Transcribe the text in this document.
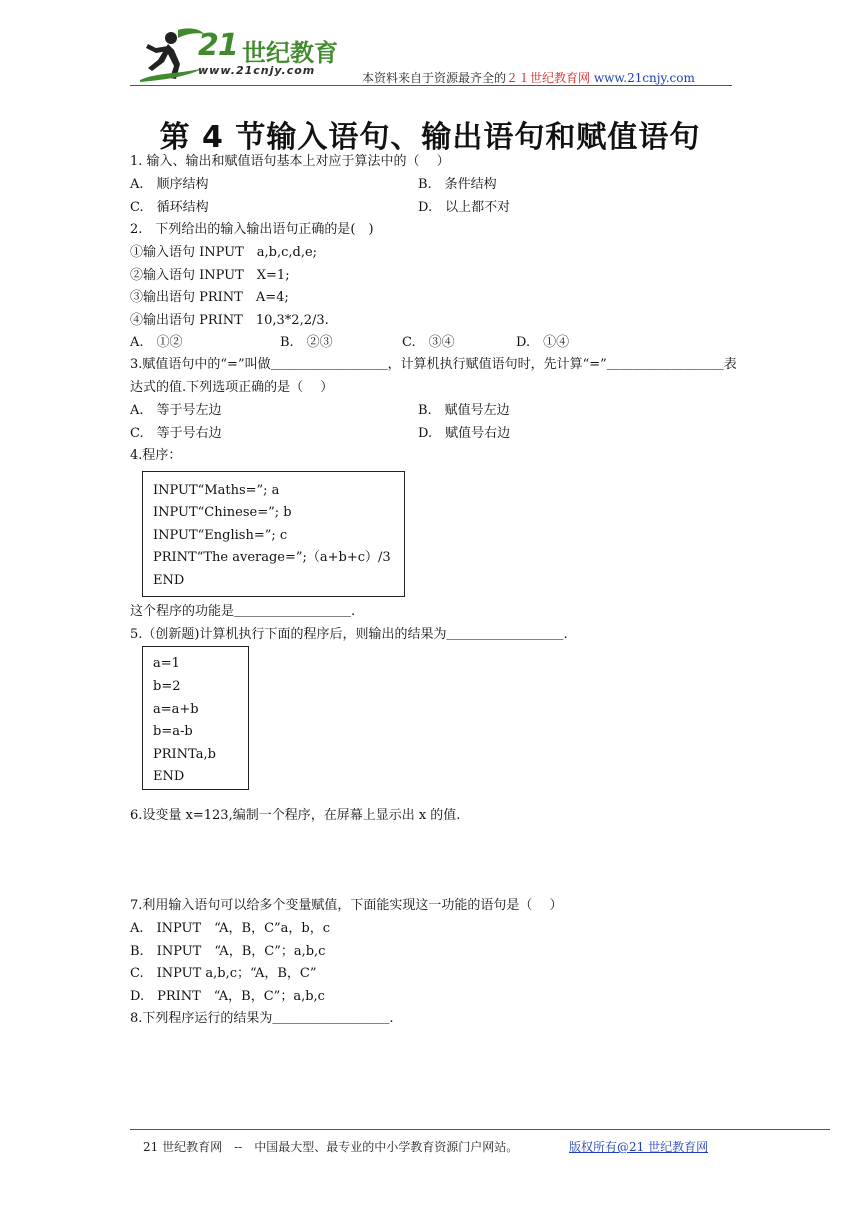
21 世纪教育
www.21cnjy.com
本资料来自于资源最齐全的２１世纪教育网 www.21cnjy.com
第 4 节输入语句、输出语句和赋值语句
1. 输入、输出和赋值语句基本上对应于算法中的（　 ）
A.　顺序结构	B.　条件结构
C.　循环结构	D.　以上都不对
2.　下列给出的输入输出语句正确的是(　)
①输入语句 INPUT　a,b,c,d,e;
②输入语句 INPUT　X=1;
③输出语句 PRINT　A=4;
④输出语句 PRINT　10,3*2,2/3.
A.　①②	B.　②③	C.　③④	D.　①④
3.赋值语句中的“=”叫做＿＿＿＿＿＿＿＿＿，计算机执行赋值语句时，先计算“=”＿＿＿＿＿＿＿＿＿表
达式的值.下列选项正确的是（　 ）
A.　等于号左边	B.　赋值号左边
C.　等于号右边	D.　赋值号右边
4.程序：
INPUT“Maths=”; a
INPUT“Chinese=”; b
INPUT“English=”; c
PRINT“The average=”;（a+b+c）/3
END
这个程序的功能是＿＿＿＿＿＿＿＿＿.
5.（创新题)计算机执行下面的程序后，则输出的结果为＿＿＿＿＿＿＿＿＿.
a=1
b=2
a=a+b
b=a-b
PRINTa,b
END
6.设变量 x=123,编制一个程序，在屏幕上显示出 x 的值.
7.利用输入语句可以给多个变量赋值，下面能实现这一功能的语句是（　 ）
A.　INPUT　“A，B，C”a，b，c
B.　INPUT　“A，B，C”；a,b,c
C.　INPUT a,b,c；“A，B，C”
D.　PRINT　“A，B，C”；a,b,c
8.下列程序运行的结果为＿＿＿＿＿＿＿＿＿.
21 世纪教育网　--　中国最大型、最专业的中小学教育资源门户网站。	版权所有@21 世纪教育网
